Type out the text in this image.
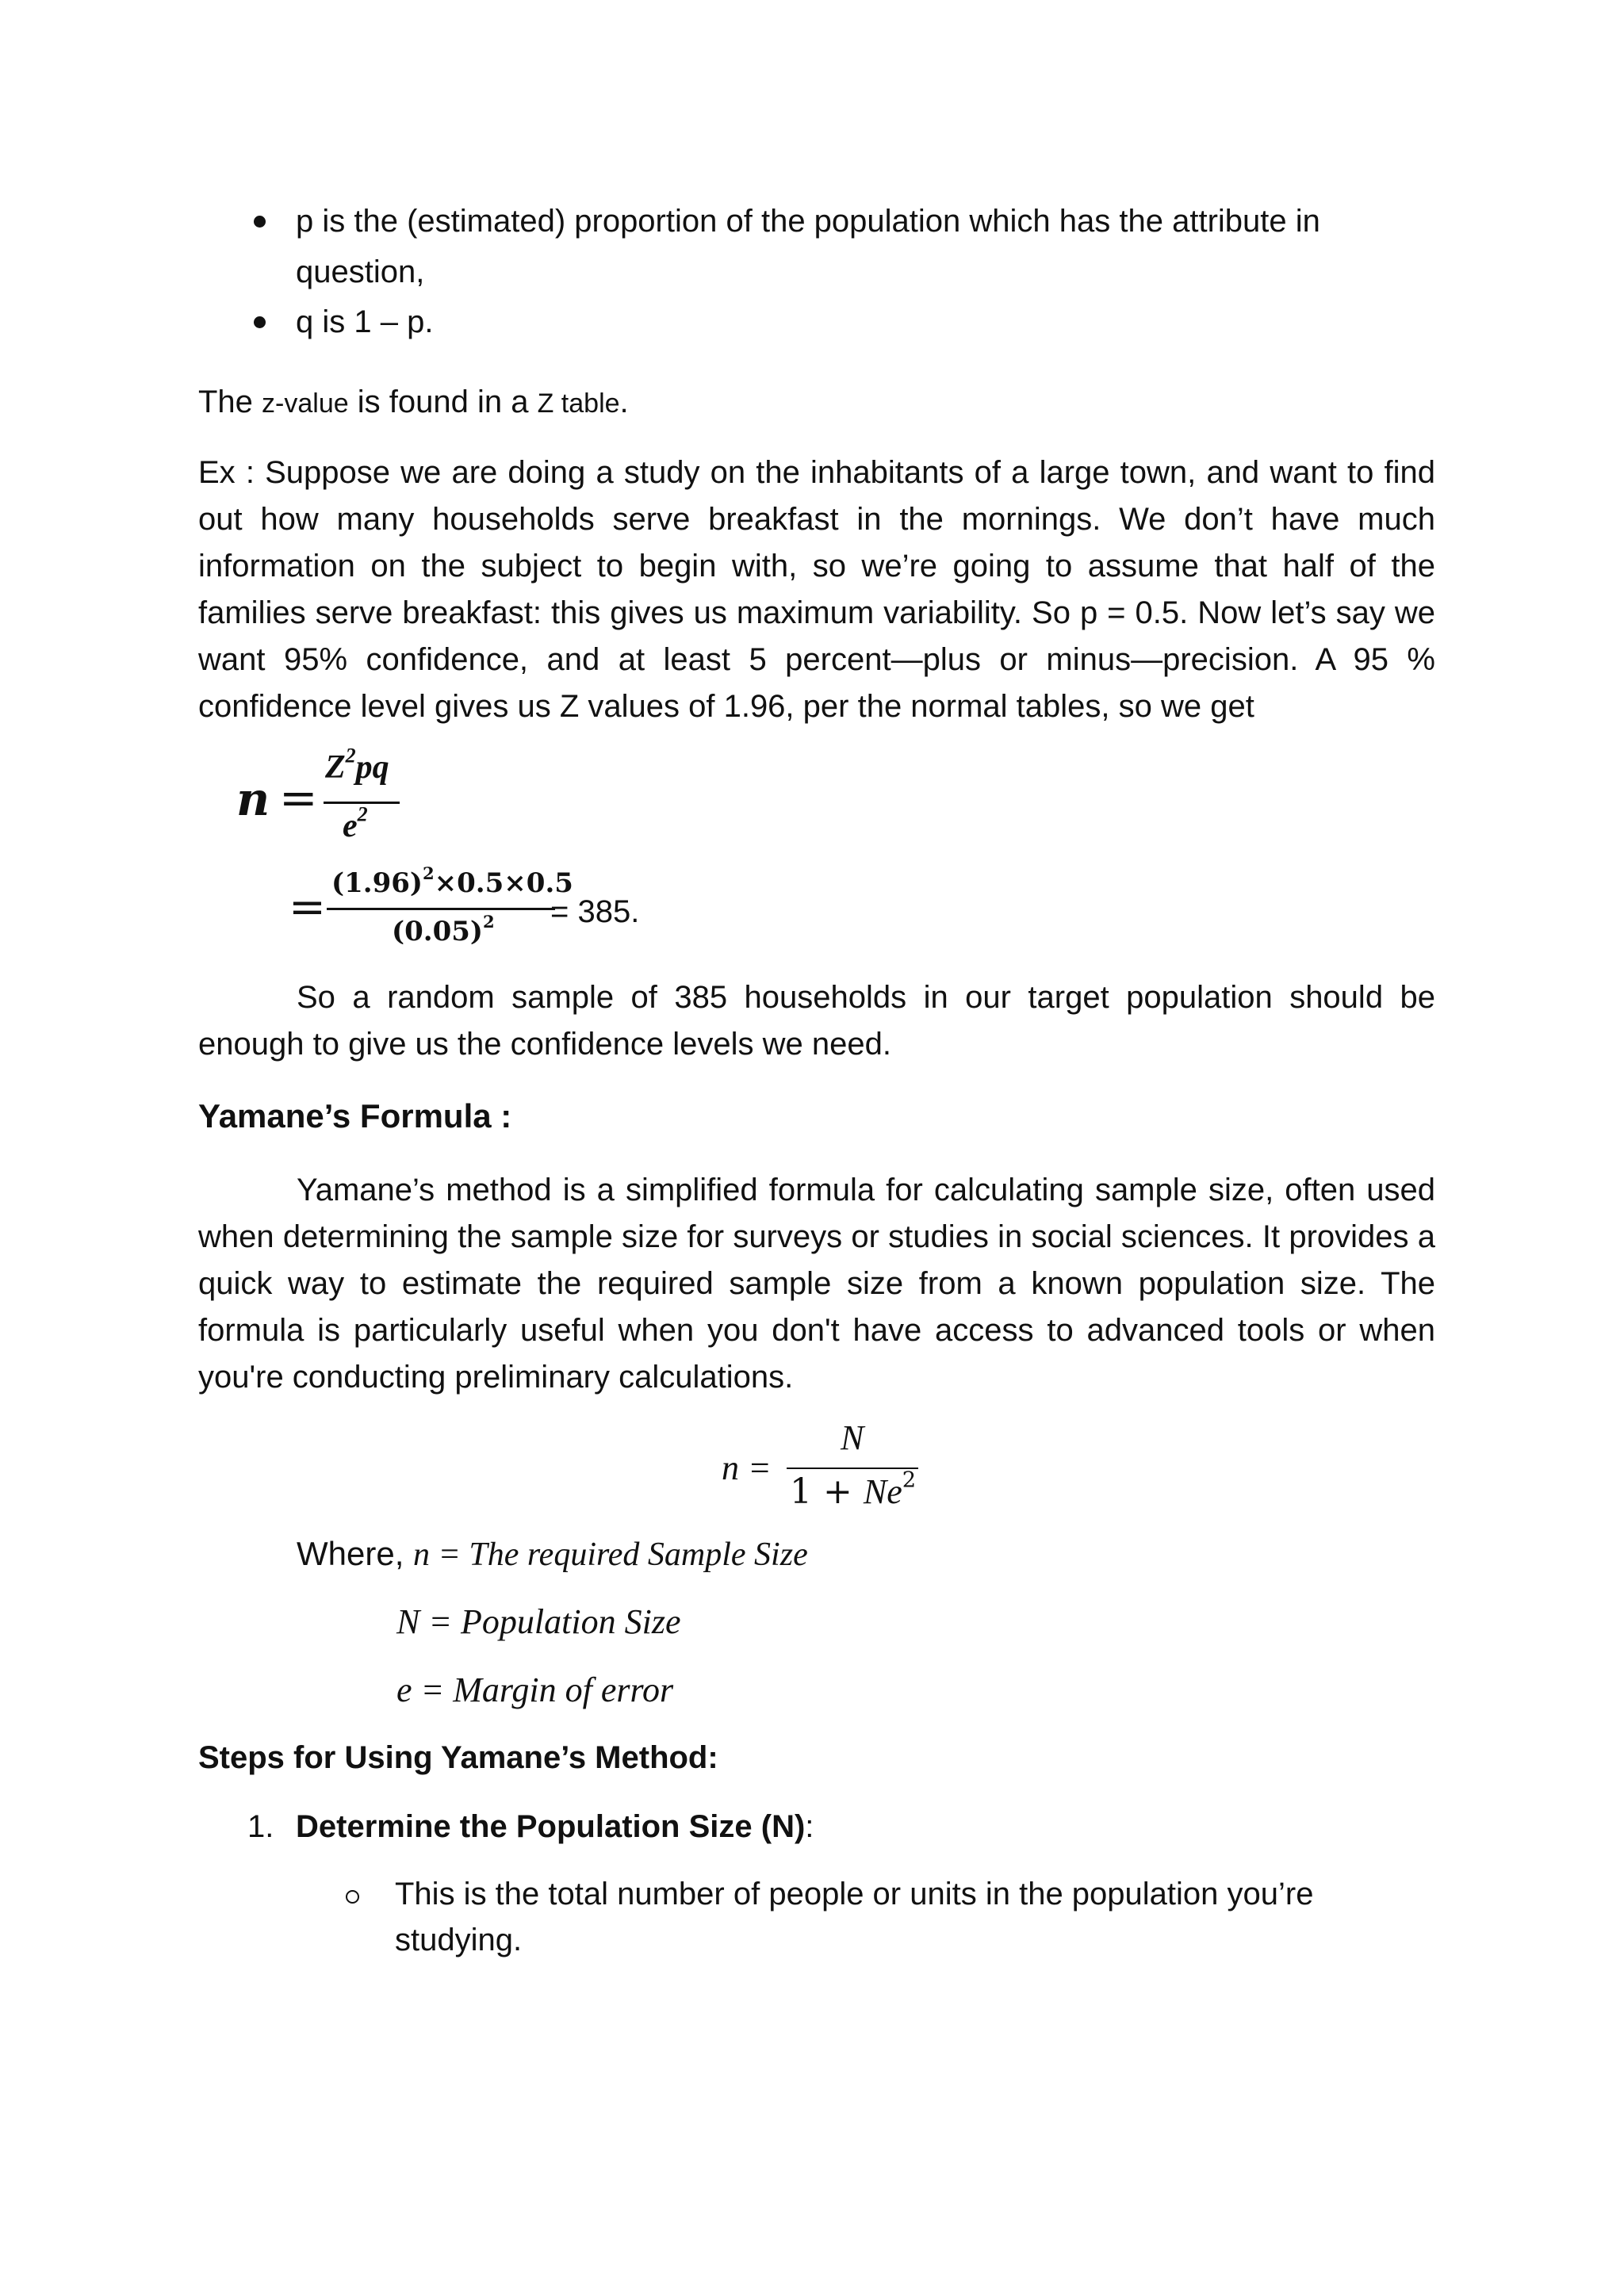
p is the (estimated) proportion of the population which has the attribute in
question,
q is 1 – p.
The z-value is found in a Z table.
Ex : Suppose we are doing a study on the inhabitants of a large town, and want to find out how many households serve breakfast in the mornings. We don’t have much information on the subject to begin with, so we’re going to assume that half of the families serve breakfast: this gives us maximum variability. So p = 0.5. Now let’s say we want 95% confidence, and at least 5 percent—plus or minus—precision. A 95 % confidence level gives us Z values of 1.96, per the normal tables, so we get
n =
$Z^2pq$
$e^2$
= $(1.96)^2\times 0.5\times 0.5$
$(0.05)^2 = 385$.
So a random sample of 385 households in our target population should be enough to give us the confidence levels we need.
Yamane’s Formula :
Yamane’s method is a simplified formula for calculating sample size, often used when determining the sample size for surveys or studies in social sciences. It provides a quick way to estimate the required sample size from a known population size. The formula is particularly useful when you don't have access to advanced tools or when you're conducting preliminary calculations.
n =
N
$1 + Ne^2$
Where, n = The required Sample Size
N = Population Size
e = Margin of error
Steps for Using Yamane’s Method:
1. Determine the Population Size (N):
This is the total number of people or units in the population you’re
studying.
